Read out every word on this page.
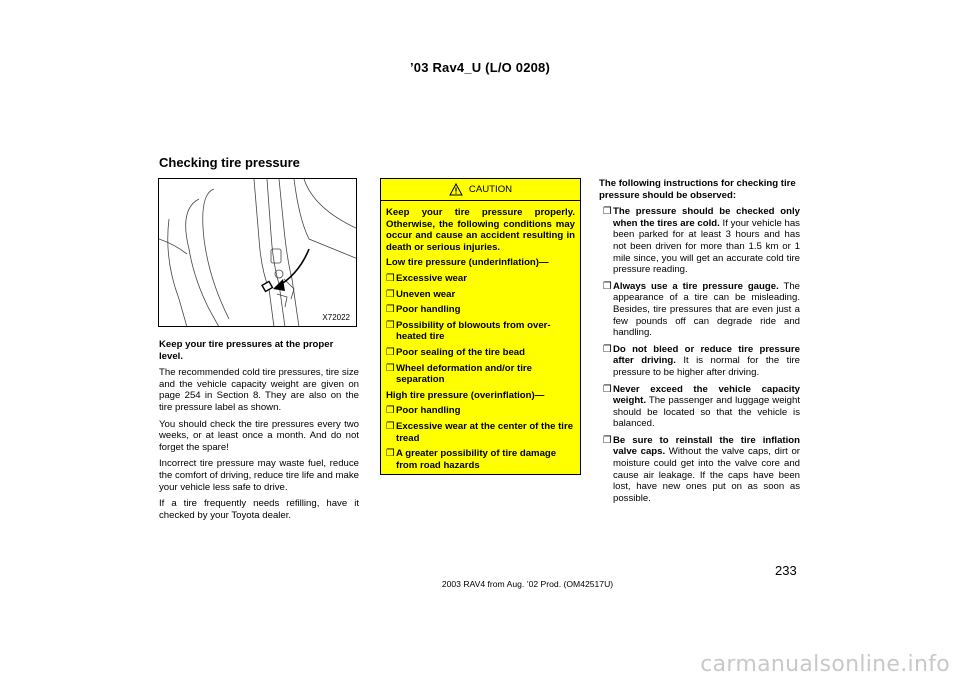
’03 Rav4_U (L/O 0208)
Checking tire pressure
X72022

Keep your tire pressures at the proper level.

The recommended cold tire pressures, tire size and the vehicle capacity weight are given on page 254 in Section 8. They are also on the tire pressure label as shown.

You should check the tire pressures every two weeks, or at least once a month. And do not forget the spare!

Incorrect tire pressure may waste fuel, reduce the comfort of driving, reduce tire life and make your vehicle less safe to drive.

If a tire frequently needs refilling, have it checked by your Toyota dealer.

CAUTION

Keep your tire pressure properly. Otherwise, the following conditions may occur and cause an accident resulting in death or serious injuries.

Low tire pressure (underinflation)—

❒ Excessive wear
❒ Uneven wear
❒ Poor handling
❒ Possibility of blowouts from over-heated tire
❒ Poor sealing of the tire bead
❒ Wheel deformation and/or tire separation

High tire pressure (overinflation)—

❒ Poor handling
❒ Excessive wear at the center of the tire tread
❒ A greater possibility of tire damage from road hazards

The following instructions for checking tire pressure should be observed:

❒ The pressure should be checked only when the tires are cold. If your vehicle has been parked for at least 3 hours and has not been driven for more than 1.5 km or 1 mile since, you will get an accurate cold tire pressure reading.
❒ Always use a tire pressure gauge. The appearance of a tire can be misleading. Besides, tire pressures that are even just a few pounds off can degrade ride and handling.
❒ Do not bleed or reduce tire pressure after driving. It is normal for the tire pressure to be higher after driving.
❒ Never exceed the vehicle capacity weight. The passenger and luggage weight should be located so that the vehicle is balanced.
❒ Be sure to reinstall the tire inflation valve caps. Without the valve caps, dirt or moisture could get into the valve core and cause air leakage. If the caps have been lost, have new ones put on as soon as possible.
233
2003 RAV4 from Aug. ’02 Prod. (OM42517U)
carmanualsonline.info
